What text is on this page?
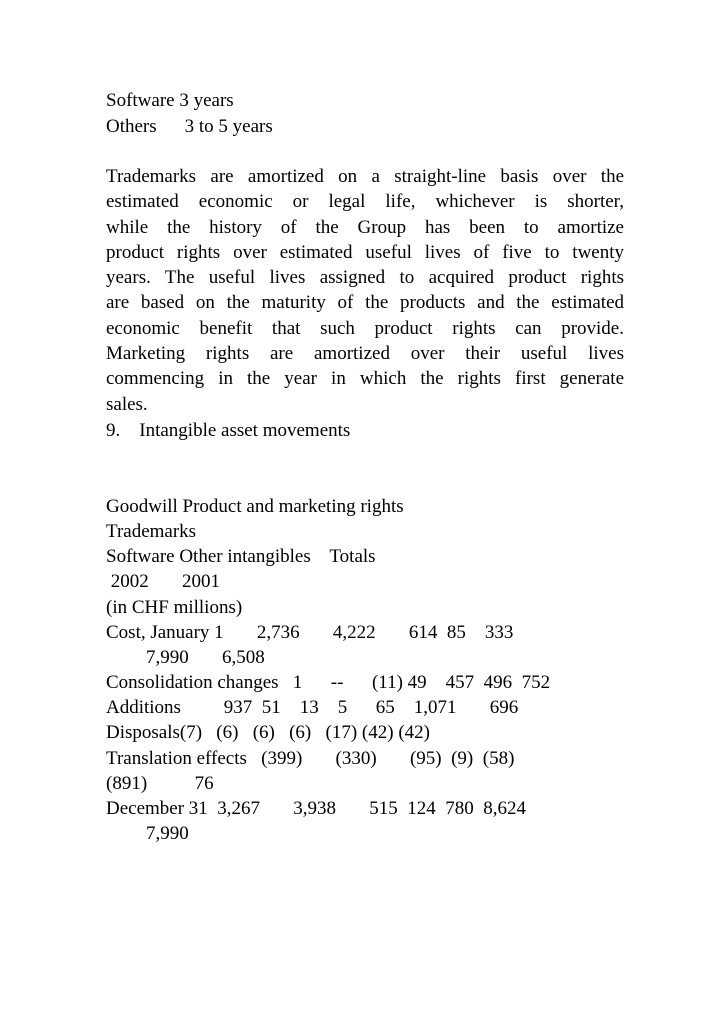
Software 3 years
Others 3 to 5 years
Trademarks are amortized on a straight-line basis over the
estimated economic or legal life, whichever is shorter,
while the history of the Group has been to amortize
product rights over estimated useful lives of five to twenty
years. The useful lives assigned to acquired product rights
are based on the maturity of the products and the estimated
economic benefit that such product rights can provide.
Marketing rights are amortized over their useful lives
commencing in the year in which the rights first generate
sales.
9. Intangible asset movements
Goodwill Product and marketing rights
Trademarks
Software Other intangibles    Totals
2002       2001
(in CHF millions)
Cost, January 1       2,736       4,222       614  85    333
7,990       6,508
Consolidation changes   1      --      (11) 49    457  496  752
Additions         937  51    13    5      65    1,071       696
Disposals(7)   (6)   (6)   (6)   (17) (42) (42)
Translation effects   (399)       (330)       (95)  (9)  (58)
(891)          76
December 31  3,267       3,938       515  124  780  8,624
7,990
